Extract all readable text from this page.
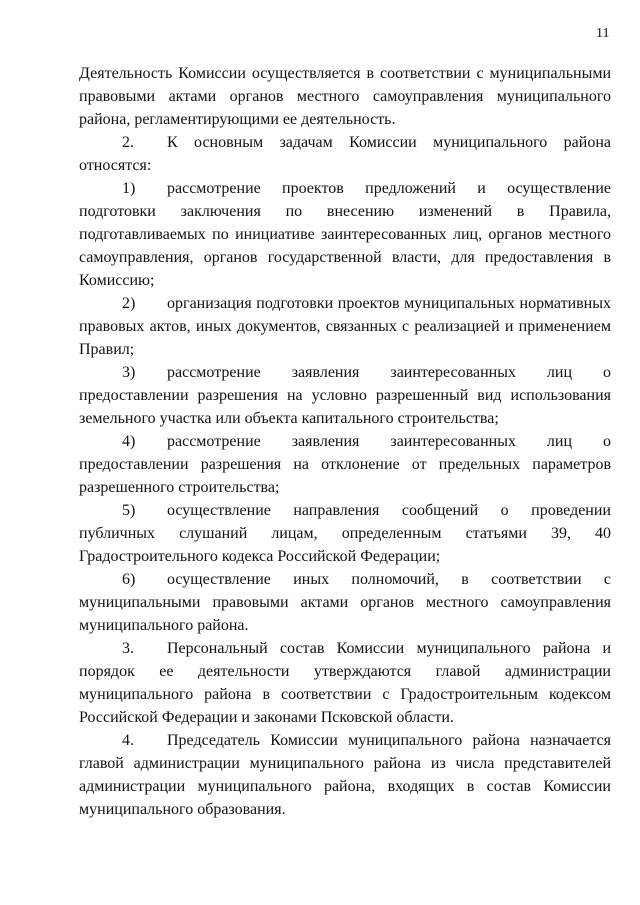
11

Деятельность Комиссии осуществляется в соответствии с муниципальными правовыми актами органов местного самоуправления муниципального района, регламентирующими ее деятельность.

2. К основным задачам Комиссии муниципального района относятся:

1) рассмотрение проектов предложений и осуществление подготовки заключения по внесению изменений в Правила, подготавливаемых по инициативе заинтересованных лиц, органов местного самоуправления, органов государственной власти, для предоставления в Комиссию;

2) организация подготовки проектов муниципальных нормативных правовых актов, иных документов, связанных с реализацией и применением Правил;

3) рассмотрение заявления заинтересованных лиц о предоставлении разрешения на условно разрешенный вид использования земельного участка или объекта капитального строительства;

4) рассмотрение заявления заинтересованных лиц о предоставлении разрешения на отклонение от предельных параметров разрешенного строительства;

5) осуществление направления сообщений о проведении публичных слушаний лицам, определенным статьями 39, 40 Градостроительного кодекса Российской Федерации;

6) осуществление иных полномочий, в соответствии с муниципальными правовыми актами органов местного самоуправления муниципального района.

3. Персональный состав Комиссии муниципального района и порядок ее деятельности утверждаются главой администрации муниципального района в соответствии с Градостроительным кодексом Российской Федерации и законами Псковской области.

4. Председатель Комиссии муниципального района назначается главой администрации муниципального района из числа представителей администрации муниципального района, входящих в состав Комиссии муниципального образования.
